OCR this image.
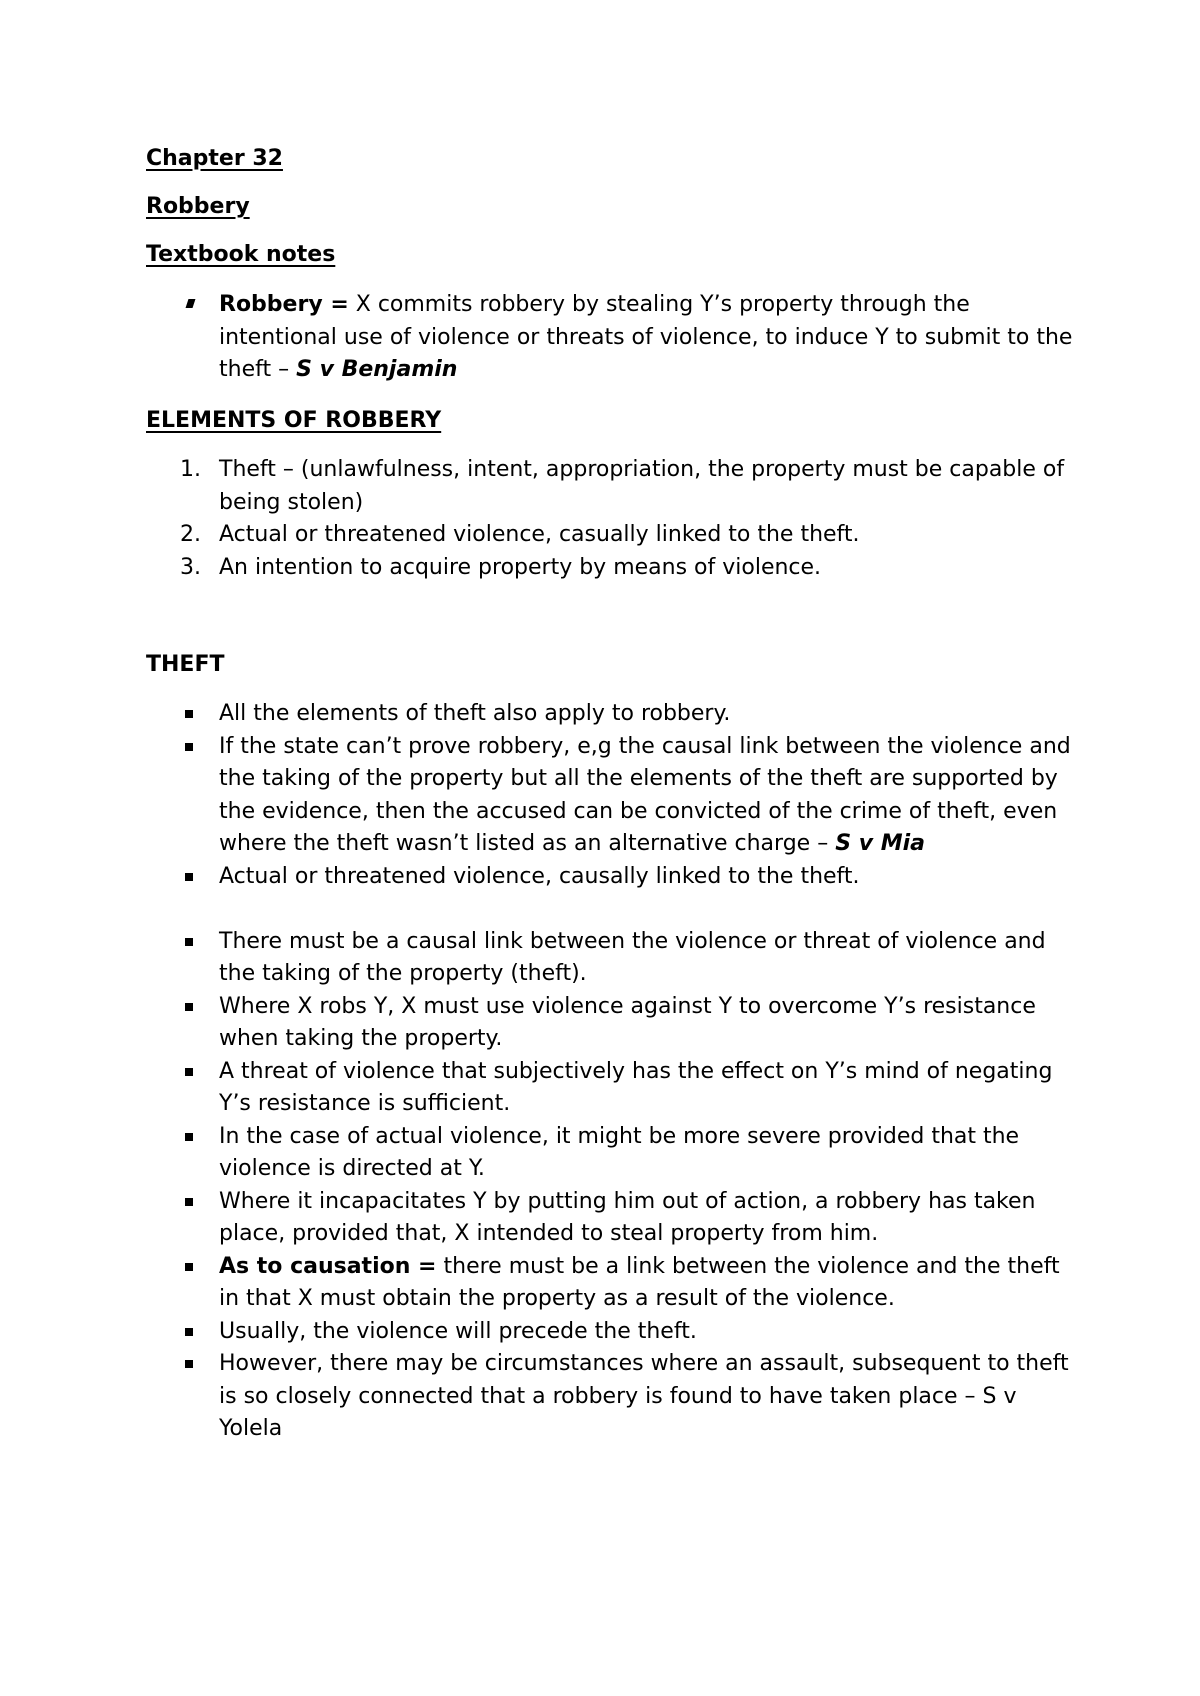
Chapter 32
Robbery
Textbook notes
Robbery = X commits robbery by stealing Y’s property through the intentional use of violence or threats of violence, to induce Y to submit to the theft – S v Benjamin
ELEMENTS OF ROBBERY
1. Theft – (unlawfulness, intent, appropriation, the property must be capable of being stolen)
2. Actual or threatened violence, casually linked to the theft.
3. An intention to acquire property by means of violence.
THEFT
All the elements of theft also apply to robbery.
If the state can’t prove robbery, e,g the causal link between the violence and the taking of the property but all the elements of the theft are supported by the evidence, then the accused can be convicted of the crime of theft, even where the theft wasn’t listed as an alternative charge – S v Mia
Actual or threatened violence, causally linked to the theft.
There must be a causal link between the violence or threat of violence and the taking of the property (theft).
Where X robs Y, X must use violence against Y to overcome Y’s resistance when taking the property.
A threat of violence that subjectively has the effect on Y’s mind of negating Y’s resistance is sufficient.
In the case of actual violence, it might be more severe provided that the violence is directed at Y.
Where it incapacitates Y by putting him out of action, a robbery has taken place, provided that, X intended to steal property from him.
As to causation = there must be a link between the violence and the theft in that X must obtain the property as a result of the violence.
Usually, the violence will precede the theft.
However, there may be circumstances where an assault, subsequent to theft is so closely connected that a robbery is found to have taken place – S v Yolela
